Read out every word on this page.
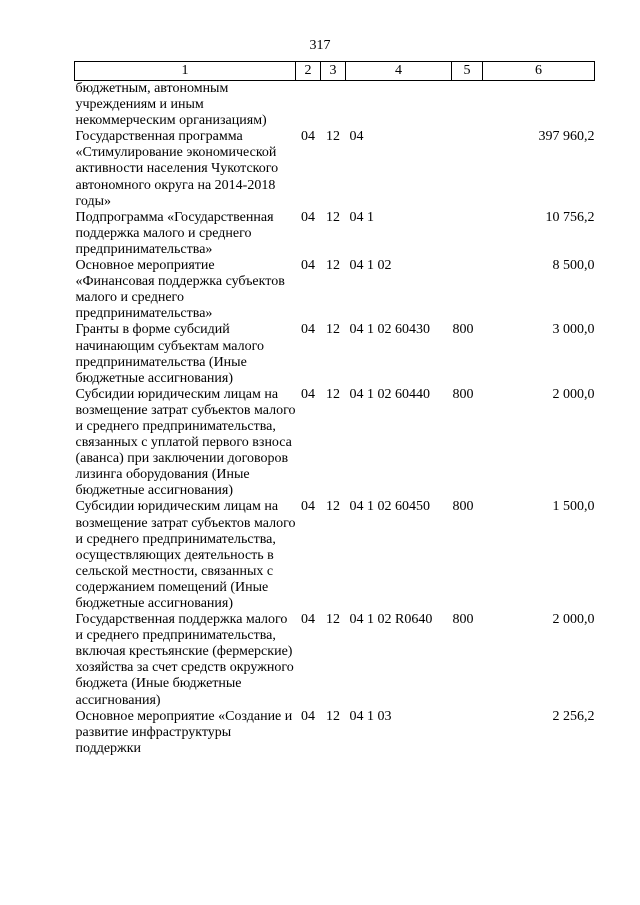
317
1	2	3	4	5	6
бюджетным, автономным учреждениям и иным некоммерческим организациям)					
Государственная программа «Стимулирование экономической активности населения Чукотского автономного округа на 2014-2018 годы»	04	12	04		397 960,2
Подпрограмма «Государственная поддержка малого и среднего предпринимательства»	04	12	04 1		10 756,2
Основное мероприятие «Финансовая поддержка субъектов малого и среднего предпринимательства»	04	12	04 1 02		8 500,0
Гранты в форме субсидий начинающим субъектам малого предпринимательства (Иные бюджетные ассигнования)	04	12	04 1 02 60430	800	3 000,0
Субсидии юридическим лицам на возмещение затрат субъектов малого и среднего предпринимательства, связанных с уплатой первого взноса (аванса) при заключении договоров лизинга оборудования (Иные бюджетные ассигнования)	04	12	04 1 02 60440	800	2 000,0
Субсидии юридическим лицам на возмещение затрат субъектов малого и среднего предпринимательства, осуществляющих деятельность в сельской местности, связанных с содержанием помещений (Иные бюджетные ассигнования)	04	12	04 1 02 60450	800	1 500,0
Государственная поддержка малого и среднего предпринимательства, включая крестьянские (фермерские) хозяйства за счет средств окружного бюджета (Иные бюджетные ассигнования)	04	12	04 1 02 R0640	800	2 000,0
Основное мероприятие «Создание и развитие инфраструктуры поддержки	04	12	04 1 03		2 256,2
